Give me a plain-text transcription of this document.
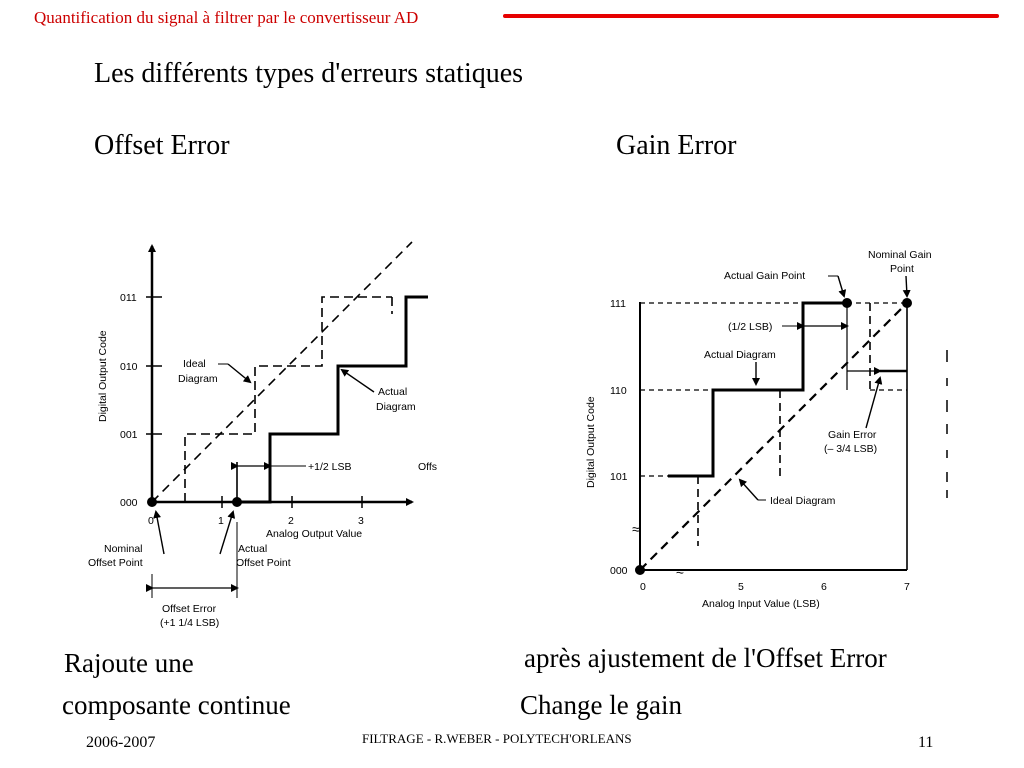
Quantification du signal à filtrer par le convertisseur AD
Les différents types d'erreurs statiques
Offset Error	Gain Error
011
010
001
000
0	1	2	3
Analog Output Value
Digital Output Code	Ideal
Diagram
Actual
Diagram
+1/2 LSB	Offs
Nominal
Offset Point
Actual
Offset Point
Offset Error
(+1 1/4 LSB)
≈
≈
111
110
101
000
Digital Output Code
0	5	6	7
Analog Input Value (LSB)
Nominal Gain
Point
Actual Gain Point
(1/2 LSB)
Actual Diagram
Gain Error
(– 3/4 LSB)
Ideal Diagram
Rajoute une
composante continue
après ajustement de l'Offset Error
Change le gain
2006-2007	FILTRAGE - R.WEBER - POLYTECH'ORLEANS	11
